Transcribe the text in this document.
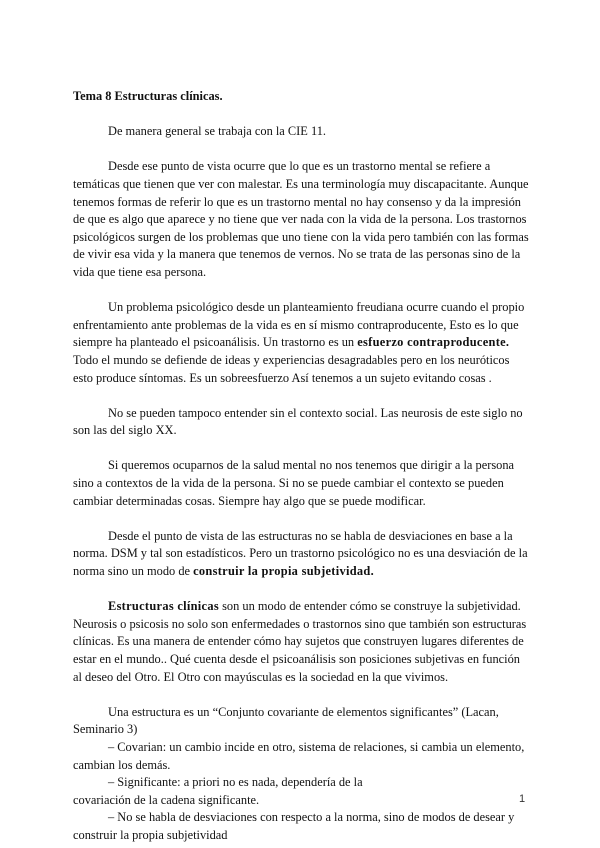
Tema 8 Estructuras clínicas.

De manera general se trabaja con la CIE 11.

Desde ese punto de vista ocurre que lo que es un trastorno mental se refiere a temáticas que tienen que ver con malestar. Es una terminología muy discapacitante. Aunque tenemos formas de referir lo que es un trastorno mental no hay consenso y da la impresión de que es algo que aparece y no tiene que ver nada con la vida de la persona. Los trastornos psicológicos surgen de los problemas que uno tiene con la vida pero también con las formas de vivir esa vida y la manera que tenemos de vernos. No se trata de las personas sino de la vida que tiene esa persona.

Un problema psicológico desde un planteamiento freudiana ocurre cuando el propio enfrentamiento ante problemas de la vida es en sí mismo contraproducente, Esto es lo que siempre ha planteado el psicoanálisis. Un trastorno es un esfuerzo contraproducente.
Todo el mundo se defiende de ideas y experiencias desagradables pero en los neuróticos esto produce síntomas. Es un sobreesfuerzo Así tenemos a un sujeto evitando cosas .

No se pueden tampoco entender sin el contexto social. Las neurosis de este siglo no son las del siglo XX.

Si queremos ocuparnos de la salud mental no nos tenemos que dirigir a la persona sino a contextos de la vida de la persona. Si no se puede cambiar el contexto se pueden cambiar determinadas cosas. Siempre hay algo que se puede modificar.

Desde el punto de vista de las estructuras no se habla de desviaciones en base a la norma. DSM y tal son estadísticos. Pero un trastorno psicológico no es una desviación de la norma sino un modo de construir la propia subjetividad.

Estructuras clínicas son un modo de entender cómo se construye la subjetividad. Neurosis o psicosis no solo son enfermedades o trastornos sino que también son estructuras clínicas. Es una manera de entender cómo hay sujetos que construyen lugares diferentes de estar en el mundo.. Qué cuenta desde el psicoanálisis son posiciones subjetivas en función al deseo del Otro. El Otro con mayúsculas es la sociedad en la que vivimos.

Una estructura es un “Conjunto covariante de elementos significantes” (Lacan, Seminario 3)

– Covarian: un cambio incide en otro, sistema de relaciones, si cambia un elemento, cambian los demás.

– Significante: a priori no es nada, dependería de la

covariación de la cadena significante.

– No se habla de desviaciones con respecto a la norma, sino de modos de desear y construir la propia subjetividad

1
